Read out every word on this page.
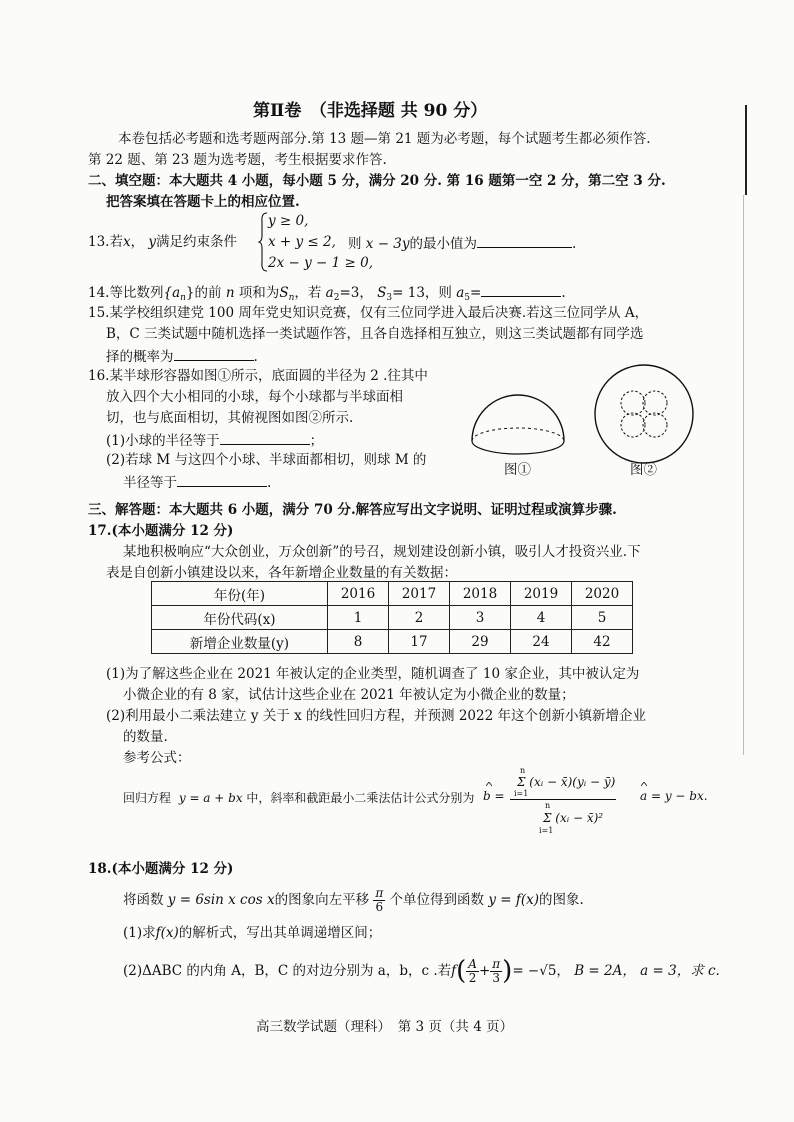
第Ⅱ卷　（非选择题 共 90 分）
本卷包括必考题和选考题两部分.第 13 题—第 21 题为必考题，每个试题考生都必须作答.
第 22 题、第 23 题为选考题，考生根据要求作答.
二、填空题：本大题共 4 小题，每小题 5 分，满分 20 分. 第 16 题第一空 2 分，第二空 3 分.
把答案填在答题卡上的相应位置.
13.若x， y满足约束条件
y ≥ 0,
x + y ≤ 2,
2x − y − 1 ≥ 0,
则 x − 3y的最小值为	.
14.等比数列$\{a_n\}$的前 n 项和为$S_n$，若 $a_2=3$， $S_3= 13$，则 $a_5=$	.
15.某学校组织建党 100 周年党史知识竞赛，仅有三位同学进入最后决赛.若这三位同学从 A，
B，C 三类试题中随机选择一类试题作答，且各自选择相互独立，则这三类试题都有同学选
择的概率为	.
16.某半球形容器如图①所示，底面圆的半径为 2 .往其中
放入四个大小相同的小球，每个小球都与半球面相
切，也与底面相切，其俯视图如图②所示.
(1)小球的半径等于	；
(2)若球 M 与这四个小球、半球面都相切，则球 M 的
半径等于	.
图①	图②
三、解答题：本大题共 6 小题，满分 70 分.解答应写出文字说明、证明过程或演算步骤.
17.(本小题满分 12 分)
某地积极响应“大众创业，万众创新”的号召，规划建设创新小镇，吸引人才投资兴业.下
表是自创新小镇建设以来，各年新增企业数量的有关数据：
年份(年)	2016	2017	2018	2019	2020
年份代码(x)	1	2	3	4	5
新增企业数量(y)	8	17	29	24	42
(1)为了解这些企业在 2021 年被认定的企业类型，随机调查了 10 家企业，其中被认定为
小微企业的有 8 家，试估计这些企业在 2021 年被认定为小微企业的数量；
(2)利用最小二乘法建立 y 关于 x 的线性回归方程，并预测 2022 年这个创新小镇新增企业
的数量.
参考公式：
回归方程 y = a + bx 中，斜率和截距最小二乘法估计公式分别为 b =
n
Σ (xᵢ − x̄)(yᵢ − ȳ)
i=1
n
Σ (xᵢ − x̄)²
i=1
a = y − bx.
18.(本小题满分 12 分)
将函数 y = 6sin x cos x的图象向左平移 $\frac{\pi}{6}$ 个单位得到函数 y = f(x)的图象.
(1)求f(x)的解析式，写出其单调递增区间；
(2)ΔABC 的内角 A，B，C 的对边分别为 a，b，c .若$f( \frac{A}{2} + \frac{\pi}{3}$ )= −√5， B = 2A， a = 3，求 c.
高三数学试题（理科）　第 3 页（共 4 页）
